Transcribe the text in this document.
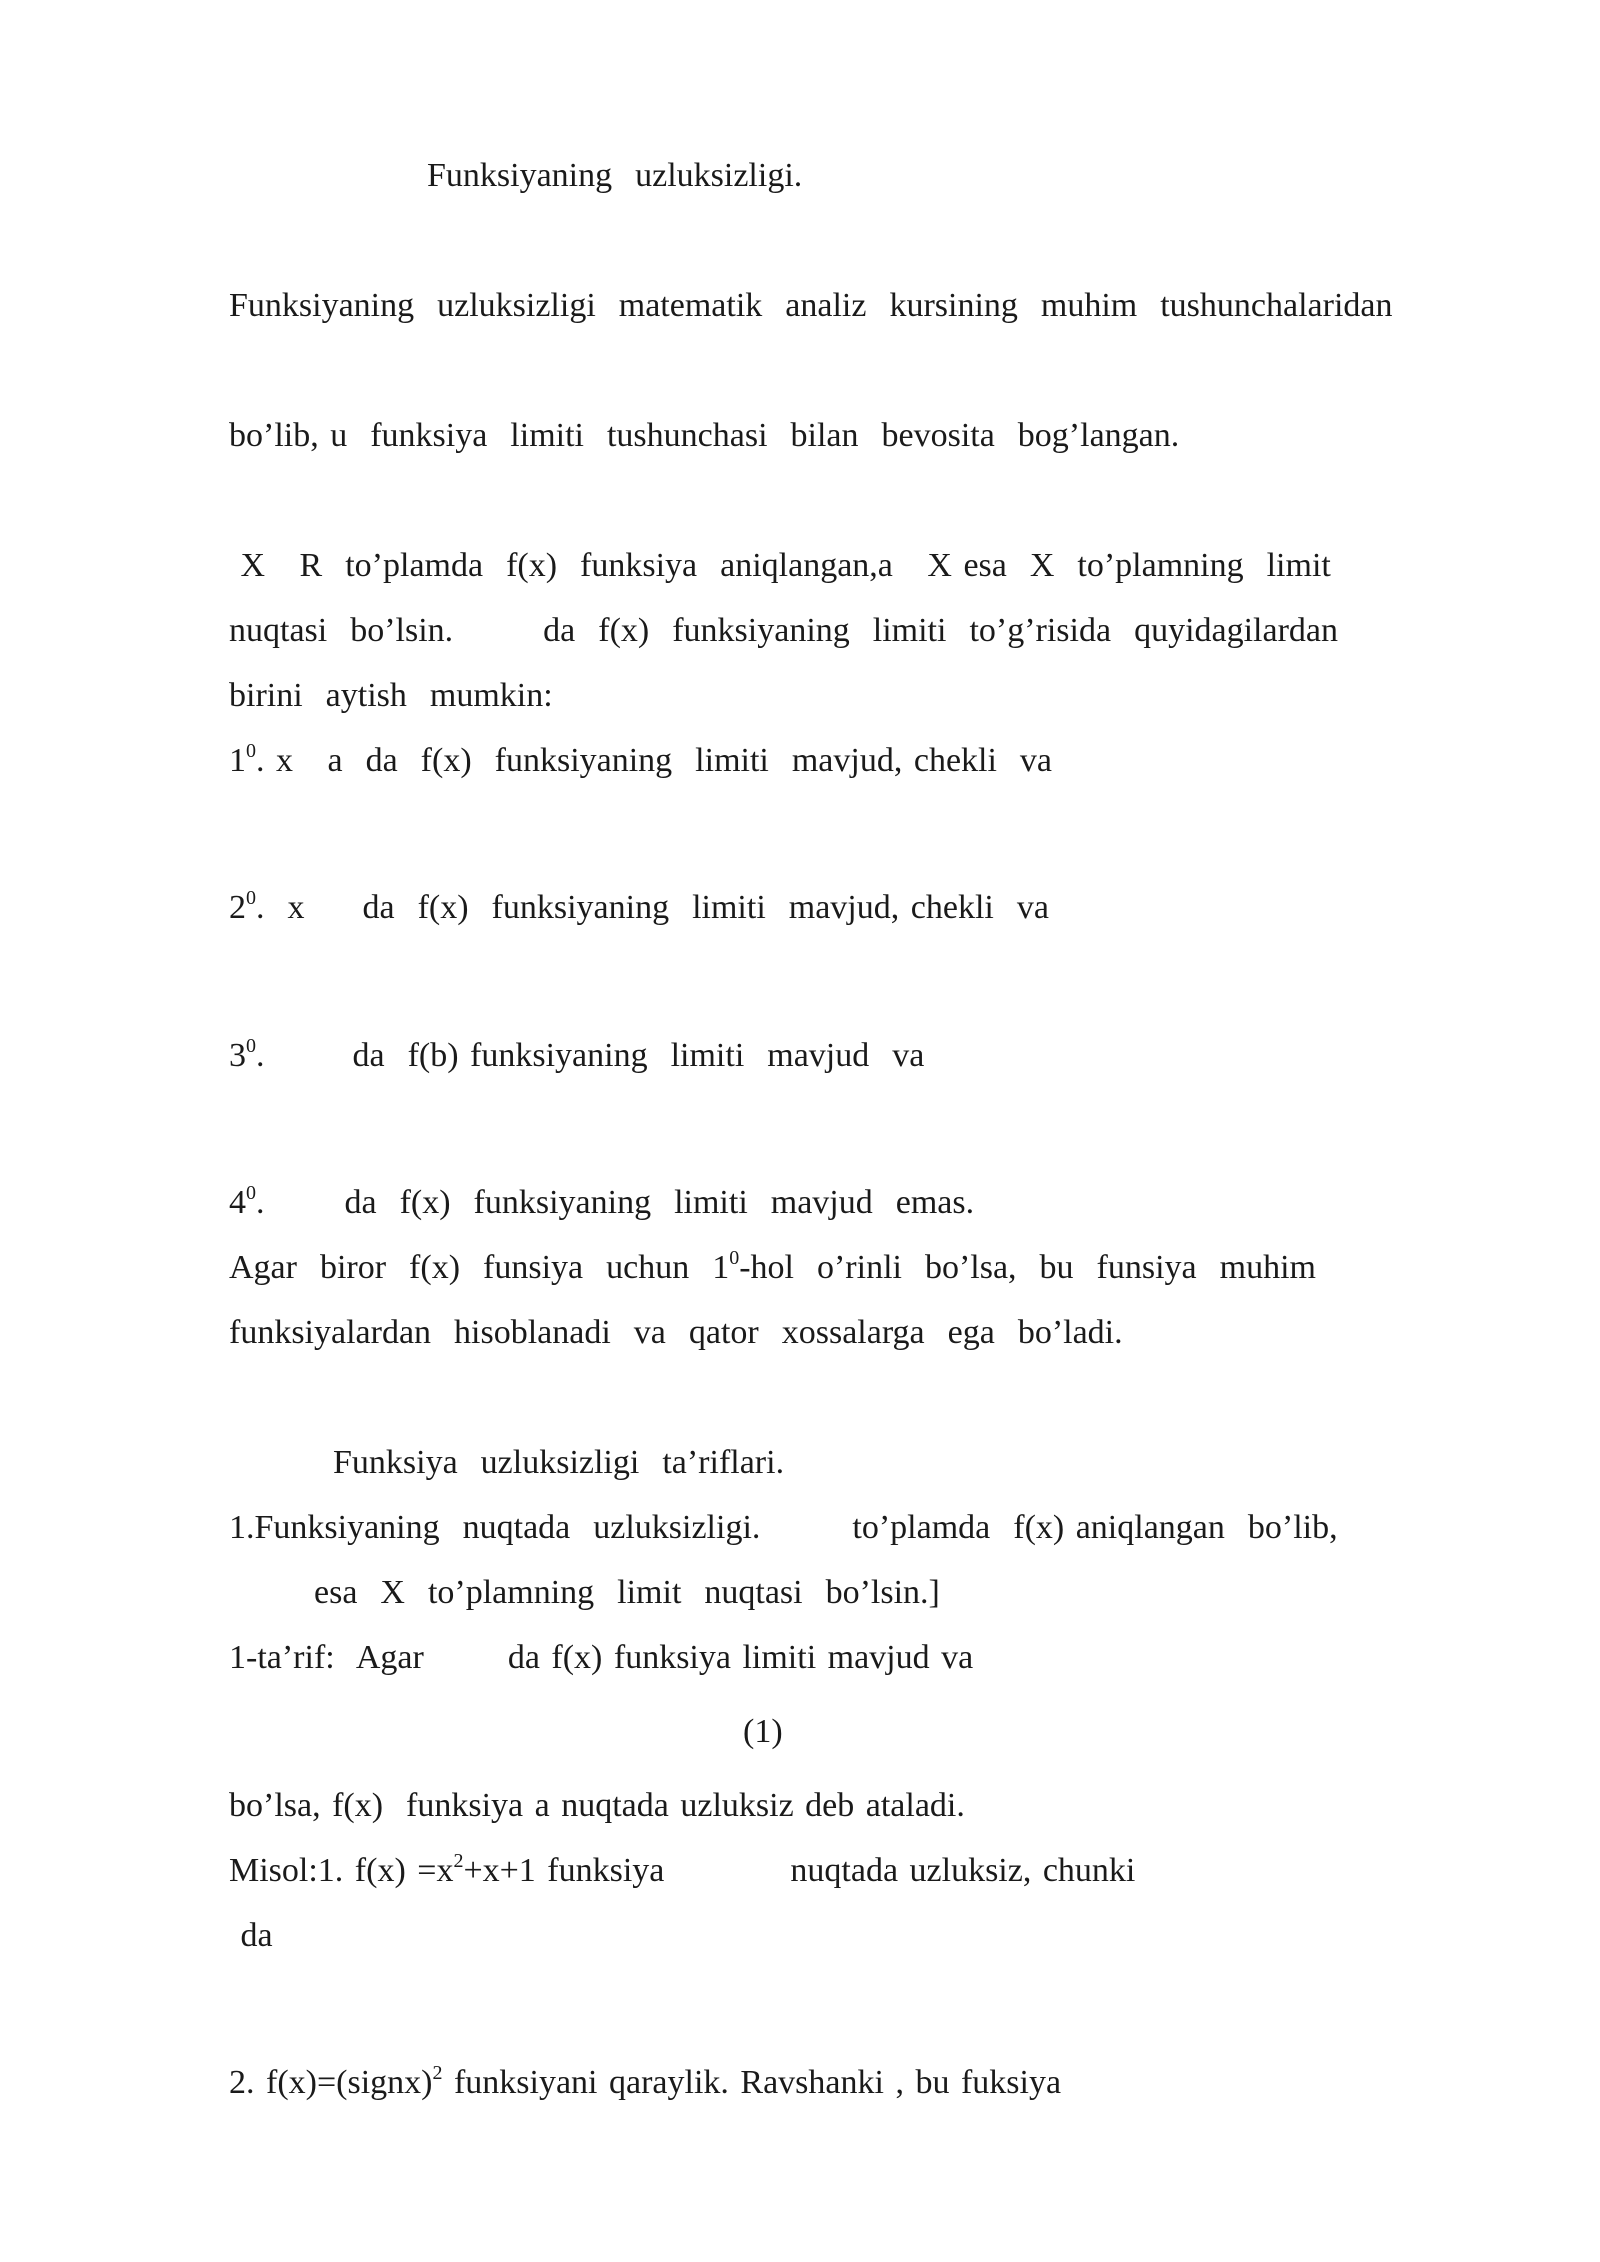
Funksiyaning  uzluksizligi.
Funksiyaning  uzluksizligi  matematik  analiz  kursining  muhim  tushunchalaridan
bo’lib, u  funksiya  limiti  tushunchasi  bilan  bevosita  bog’langan.
X   R  to’plamda  f(x)  funksiya  aniqlangan,a   X esa  X  to’plamning  limit
nuqtasi  bo’lsin.	da  f(x)  funksiyaning  limiti  to’g’risida  quyidagilardan
birini  aytish  mumkin:
$1^0$. x   a  da  f(x)  funksiyaning  limiti  mavjud, chekli  va
$2^0$.  x da  f(x)  funksiyaning  limiti  mavjud, chekli  va
$3^0$.	da  f(b) funksiyaning  limiti  mavjud  va
$4^0$. da  f(x)  funksiyaning  limiti  mavjud  emas.
Agar  biror  f(x)  funsiya  uchun  $1^0$-hol  o’rinli  bo’lsa,  bu  funsiya  muhim
funksiyalardan  hisoblanadi  va  qator  xossalarga  ega  bo’ladi.
Funksiya  uzluksizligi  ta’riflari.
1.Funksiyaning  nuqtada  uzluksizligi.	to’plamda  f(x) aniqlangan  bo’lib,
esa  X  to’plamning  limit  nuqtasi  bo’lsin.]
1-ta’rif:  Agar da f(x) funksiya limiti mavjud va
(1)
bo’lsa, f(x)  funksiya a nuqtada uzluksiz deb ataladi.
Misol:1. $f(x) =x^2+x+1$ funksiya	nuqtada uzluksiz, chunki
da
2. f(x)=(signx)$^2$ funksiyani qaraylik. Ravshanki , bu fuksiya
